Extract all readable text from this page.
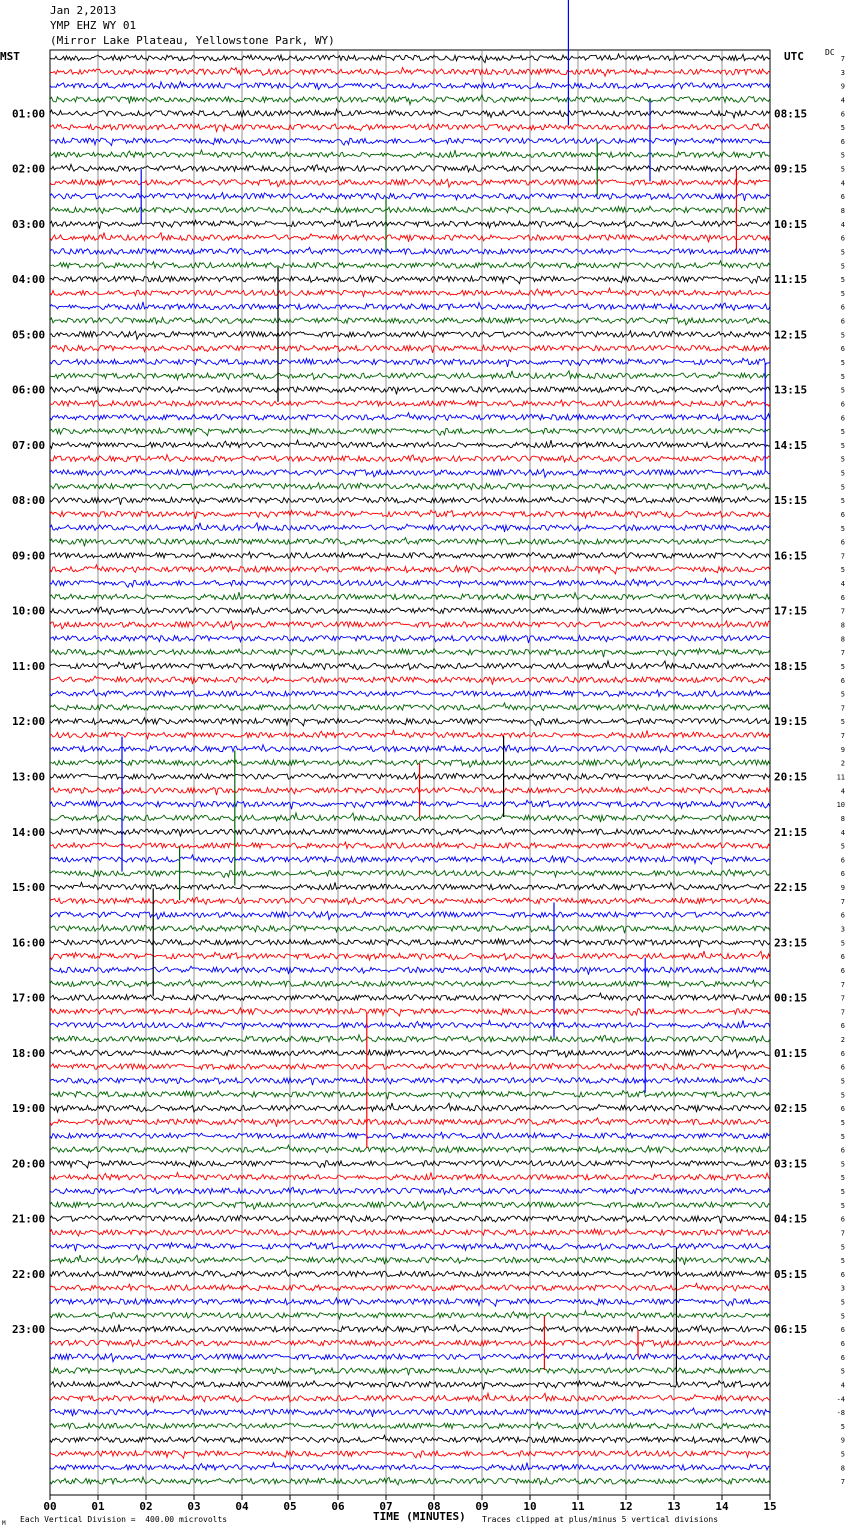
Jan 2,2013
YMP EHZ WY 01
(Mirror Lake Plateau, Yellowstone Park, WY)
MST	UTC	DC
01:00
02:00
03:00
04:00
05:00
06:00
07:00
08:00
09:00
10:00
11:00
12:00
13:00
14:00
15:00
16:00
17:00
18:00
19:00
20:00
21:00
22:00
23:00
08:15
09:15
10:15
11:15
12:15
13:15
14:15
15:15
16:15
17:15
18:15
19:15
20:15
21:15
22:15
23:15
00:15
01:15
02:15
03:15
04:15
05:15
06:15
7
3
9
4
6
5
6
5
5
4
6
8
4
6
5
5
5
5
6
6
5
6
5
5
5
6
6
5
5
5
5
5
5
6
5
6
7
5
4
6
7
8
8
7
5
6
5
7
5
7
9
2
11
4
10
8
4
5
6
6
9
7
6
3
5
6
6
7
7
7
6
2
6
6
5
5
6
5
5
6
5
5
5
5
6
7
5
5
6
3
5
5
6
6
6
5
4
-4
-8
5
9
5
8
7
00	01	02	03	04	05	06	07	08	09	10	11	12	13	14	15
TIME (MINUTES)
Each Vertical Division =  400.00 microvolts	Traces clipped at plus/minus 5 vertical divisions
M
